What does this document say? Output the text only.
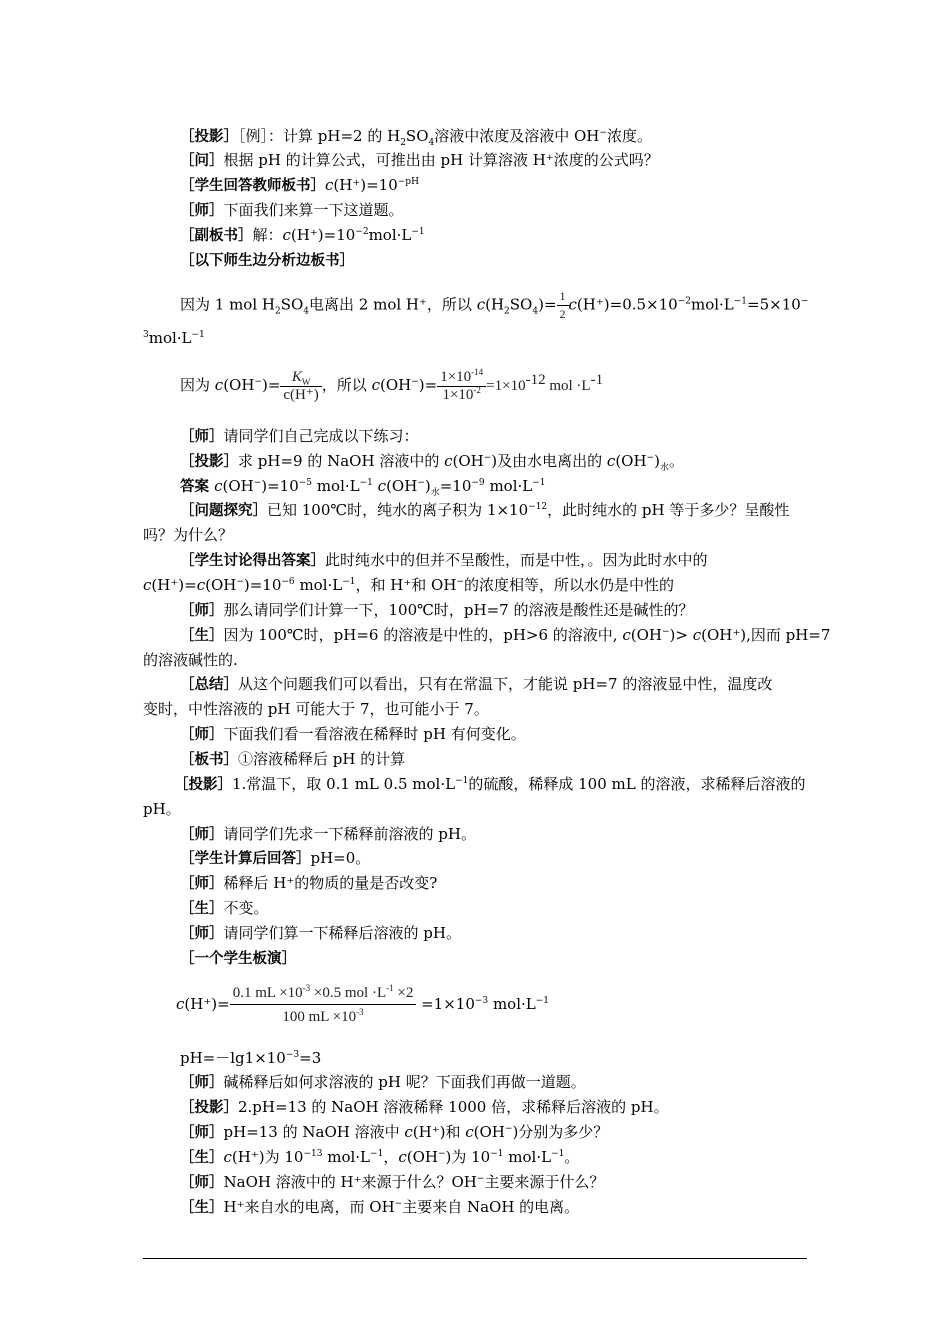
［投影］［例］：计算 pH=2 的 $H_2SO_4$溶液中浓度及溶液中 OH−浓度。
［问］根据 pH 的计算公式，可推出由 pH 计算溶液 H⁺浓度的公式吗？
［学生回答教师板书$]c(H^+)=10^{-pH}$
［师］下面我们来算一下这道题。
［副板书］解：$c(H^+)=10^{-2}mol\cdot L^{-1}$
［以下师生边分析边板书］
因为 1 mol $H_2SO_4$电离出 2 mol H⁺，所以 $c(H_2SO_4)= \frac{1}{2} c(H^+)=0.5\times 10^{-2}mol\cdot L^{-1}=5\times 10^-$
$^3mol\cdot L^{-1}$
因为 $c(OH^-)= \frac{K_W}{c(H^+)}$ ，所以 $c(OH^-)= \frac{1\times 10^{-14}}{1\times 10^{-2}} =1\times 10^{-12}$ mol $\cdot L^{-1}$
［师］请同学们自己完成以下练习：
［投影］求 pH=9 的 NaOH 溶液中的 c(OH−)及由水电离出的 $c(OH^-)_水$。
答案 $c(OH^-)=10^{-5}$ $mol\cdot L^{-1}$ $c(OH^-)_水=10^{-9}$ $mol\cdot L^{-1}$
［问题探究］已知 100℃时，纯水的离子积为 $1\times 10^{-12}$，此时纯水的 pH 等于多少？呈酸性
吗？为什么？
［学生讨论得出答案］此时纯水中的但并不呈酸性，而是中性，。因为此时水中的
$c(H^+)=c(OH^-)=10^{-6}$ $mol\cdot L^{-1}$，和 H⁺和 OH−的浓度相等，所以水仍是中性的
［师］那么请同学们计算一下，100℃时，pH=7 的溶液是酸性还是碱性的？
［生］因为 100℃时，pH=6 的溶液是中性的，pH>6 的溶液中, c(OH−)> c(OH⁺),因而 pH=7
的溶液碱性的.
［总结］从这个问题我们可以看出，只有在常温下，才能说 pH=7 的溶液显中性，温度改
变时，中性溶液的 pH 可能大于 7，也可能小于 7。
［师］下面我们看一看溶液在稀释时 pH 有何变化。
［板书］①溶液稀释后 pH 的计算
［投影］1.常温下，取 0.1 mL 0.5 $mol\cdot L^{-1}$的硫酸，稀释成 100 mL 的溶液，求稀释后溶液的
pH。
［师］请同学们先求一下稀释前溶液的 pH。
［学生计算后回答］pH=0。
［师］稀释后 H⁺的物质的量是否改变?
［生］不变。
［师］请同学们算一下稀释后溶液的 pH。
［一个学生板演］
$c(H^+)= \frac{0.1 mL \times 10^{-3} \times 0.5 mol \cdot L^{-1} \times 2}{100 mL \times 10^{-3}} =1\times 10^{-3}$ $mol\cdot L^{-1}$
$pH=-\lg 1\times 10^{-3}=3$
［师］碱稀释后如何求溶液的 pH 呢？下面我们再做一道题。
［投影］2.pH=13 的 NaOH 溶液稀释 1000 倍，求稀释后溶液的 pH。
［师］pH=13 的 NaOH 溶液中 c(H⁺)和 c(OH−)分别为多少？
［生］c(H⁺)为 $10^{-13}$ $mol\cdot L^{-1}$，c(OH−)为 $10^{-1}$ $mol\cdot L^{-1}$。
［师］NaOH 溶液中的 H⁺来源于什么？OH−主要来源于什么？
［生］H⁺来自水的电离，而 OH−主要来自 NaOH 的电离。
